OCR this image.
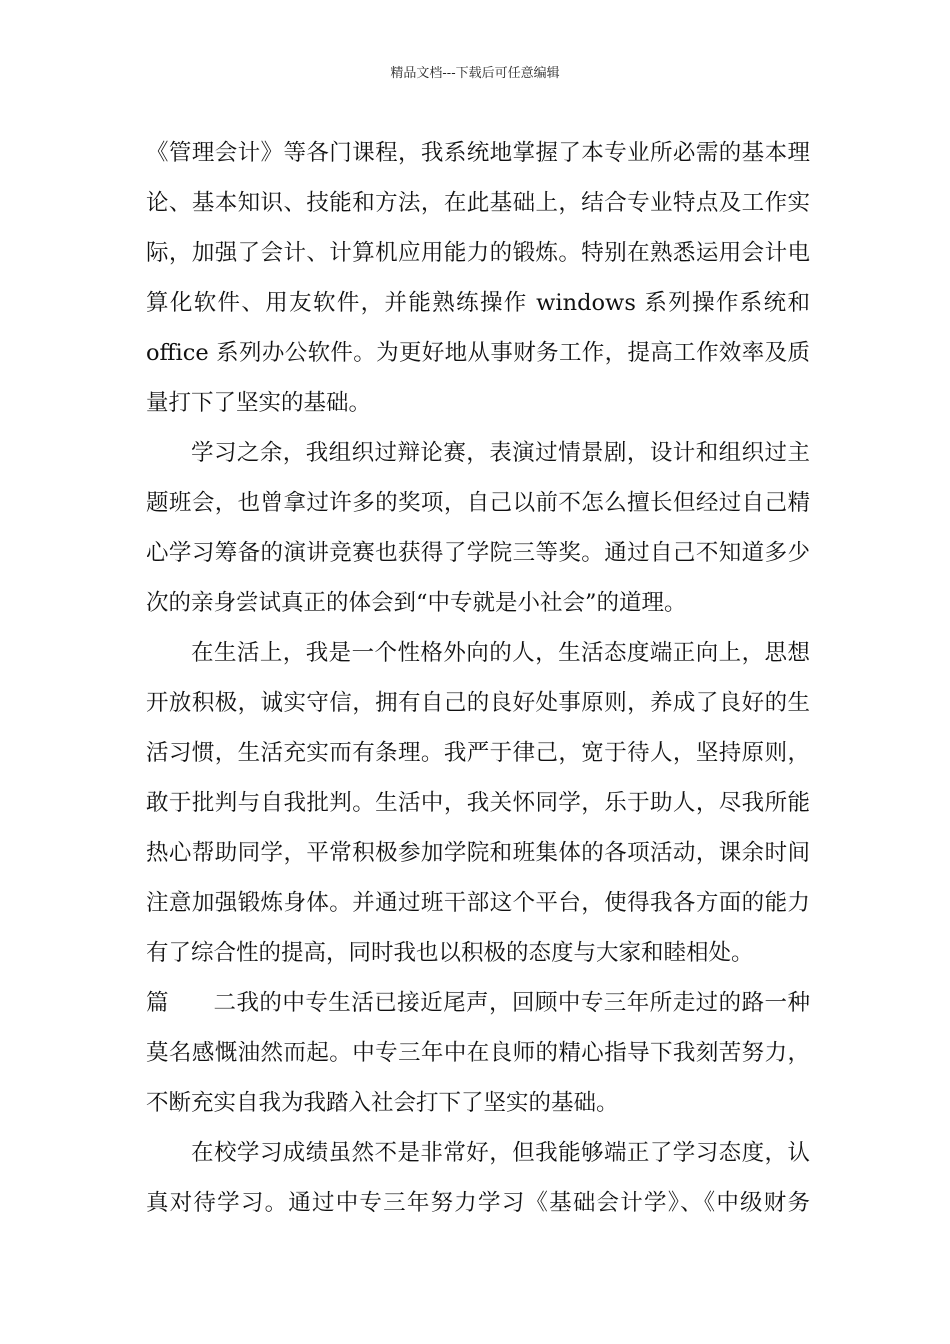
精品文档---下载后可任意编辑
《管理会计》等各门课程，我系统地掌握了本专业所必需的基本理
论、基本知识、技能和方法，在此基础上，结合专业特点及工作实
际，加强了会计、计算机应用能力的锻炼。特别在熟悉运用会计电
算化软件、用友软件，并能熟练操作 windows 系列操作系统和
office 系列办公软件。为更好地从事财务工作，提高工作效率及质
量打下了坚实的基础。
学习之余，我组织过辩论赛，表演过情景剧，设计和组织过主
题班会，也曾拿过许多的奖项，自己以前不怎么擅长但经过自己精
心学习筹备的演讲竞赛也获得了学院三等奖。通过自己不知道多少
次的亲身尝试真正的体会到“中专就是小社会”的道理。
在生活上，我是一个性格外向的人，生活态度端正向上，思想
开放积极，诚实守信，拥有自己的良好处事原则，养成了良好的生
活习惯，生活充实而有条理。我严于律己，宽于待人，坚持原则，
敢于批判与自我批判。生活中，我关怀同学，乐于助人，尽我所能
热心帮助同学，平常积极参加学院和班集体的各项活动，课余时间
注意加强锻炼身体。并通过班干部这个平台，使得我各方面的能力
有了综合性的提高，同时我也以积极的态度与大家和睦相处。
篇二我的中专生活已接近尾声，回顾中专三年所走过的路一种
莫名感慨油然而起。中专三年中在良师的精心指导下我刻苦努力，
不断充实自我为我踏入社会打下了坚实的基础。
在校学习成绩虽然不是非常好，但我能够端正了学习态度，认
真对待学习。通过中专三年努力学习《基础会计学》、《中级财务
